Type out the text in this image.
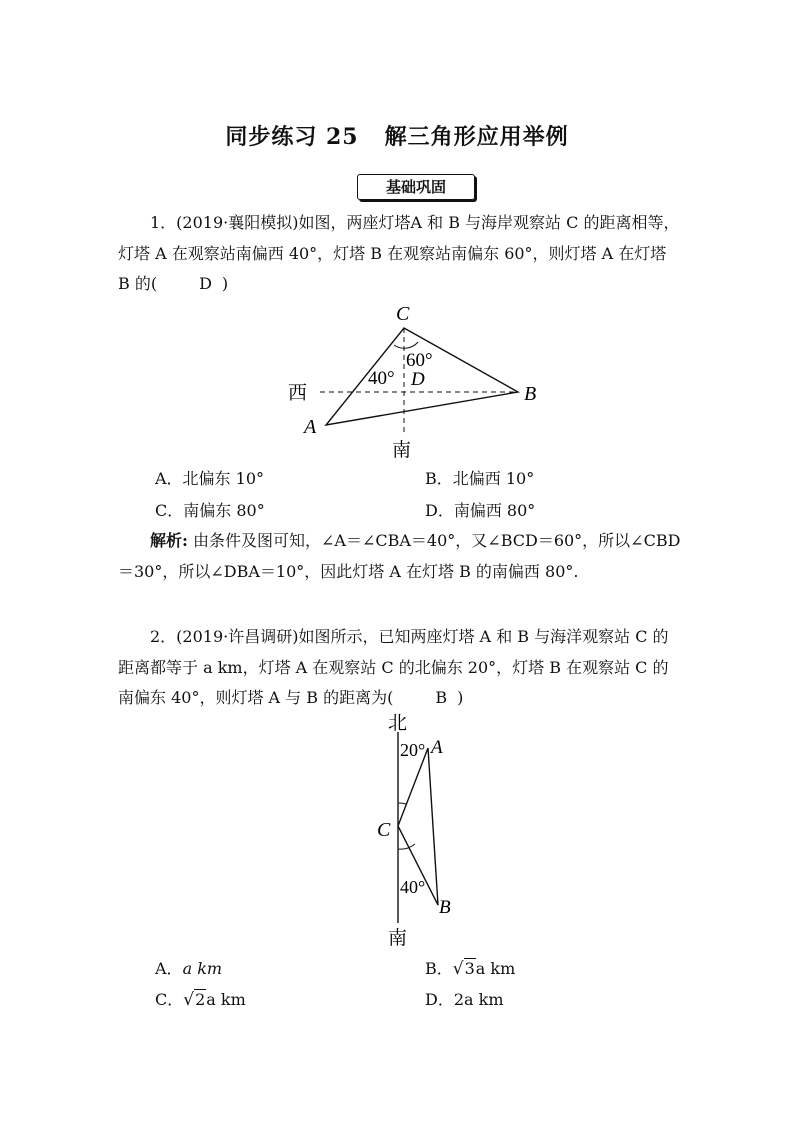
同步练习 25 解三角形应用举例
基础巩固
1．(2019·襄阳模拟)如图，两座灯塔A 和 B 与海岸观察站 C 的距离相等，灯塔 A 在观察站南偏西 40°，灯塔 B 在观察站南偏东 60°，则灯塔 A 在灯塔 B 的(	D )
C
60°
40° D
西	B
A
南
A．北偏东 10°	B．北偏西 10°
C．南偏东 80°	D．南偏西 80°
解析: 由条件及图可知，∠A＝∠CBA＝40°，又∠BCD＝60°，所以∠CBD＝30°，所以∠DBA＝10°，因此灯塔 A 在灯塔 B 的南偏西 80°.
2．(2019·许昌调研)如图所示，已知两座灯塔 A 和 B 与海洋观察站 C 的距离都等于 a km，灯塔 A 在观察站 C 的北偏东 20°，灯塔 B 在观察站 C 的南偏东 40°，则灯塔 A 与 B 的距离为(	B )
北
20° A
C
40°
B
南
A．a km	B．√3a km
C．√2a km	D．2a km
